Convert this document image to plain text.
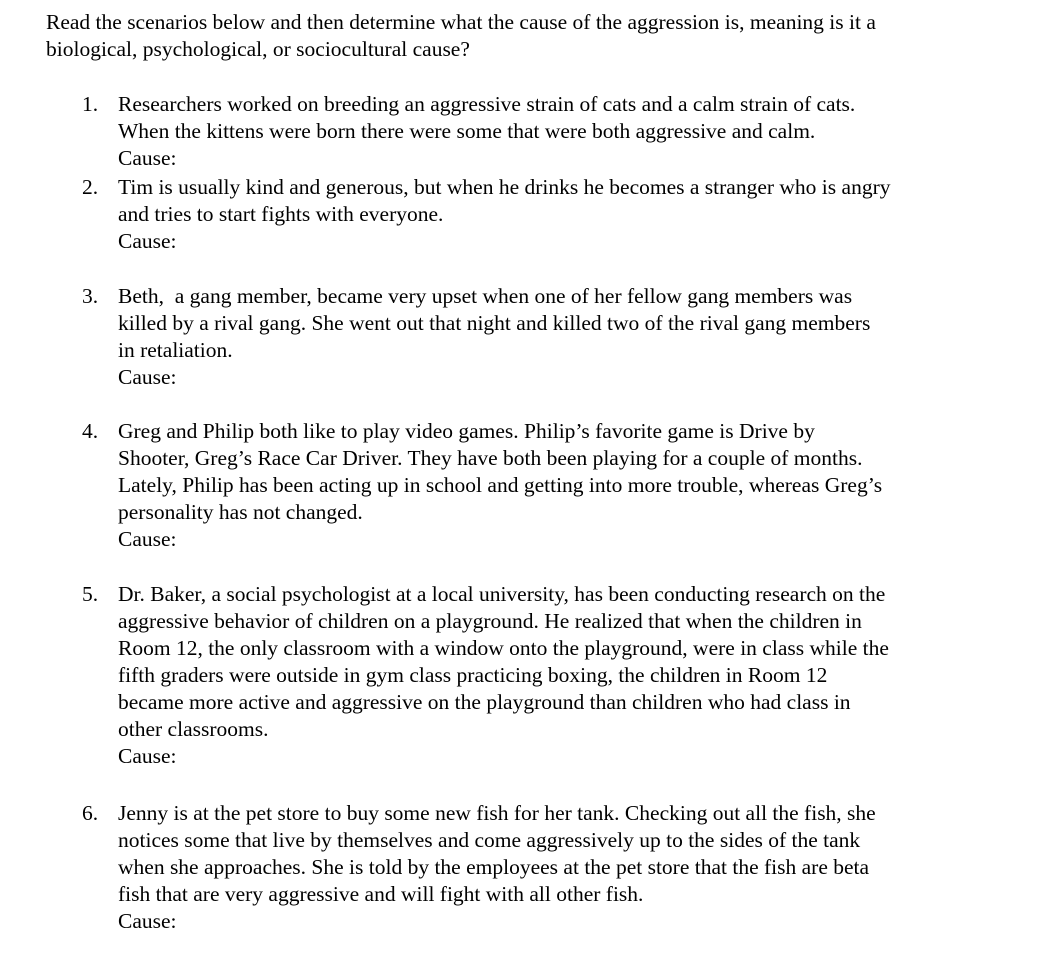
Read the scenarios below and then determine what the cause of the aggression is, meaning is it a

biological, psychological, or sociocultural cause?

1. Researchers worked on breeding an aggressive strain of cats and a calm strain of cats.

When the kittens were born there were some that were both aggressive and calm.

Cause:

2. Tim is usually kind and generous, but when he drinks he becomes a stranger who is angry

and tries to start fights with everyone.

Cause:

3. Beth,  a gang member, became very upset when one of her fellow gang members was

killed by a rival gang. She went out that night and killed two of the rival gang members

in retaliation.

Cause:

4. Greg and Philip both like to play video games. Philip’s favorite game is Drive by

Shooter, Greg’s Race Car Driver. They have both been playing for a couple of months.

Lately, Philip has been acting up in school and getting into more trouble, whereas Greg’s

personality has not changed.

Cause:

5. Dr. Baker, a social psychologist at a local university, has been conducting research on the

aggressive behavior of children on a playground. He realized that when the children in

Room 12, the only classroom with a window onto the playground, were in class while the

fifth graders were outside in gym class practicing boxing, the children in Room 12

became more active and aggressive on the playground than children who had class in

other classrooms.

Cause:

6. Jenny is at the pet store to buy some new fish for her tank. Checking out all the fish, she

notices some that live by themselves and come aggressively up to the sides of the tank

when she approaches. She is told by the employees at the pet store that the fish are beta

fish that are very aggressive and will fight with all other fish.

Cause:
